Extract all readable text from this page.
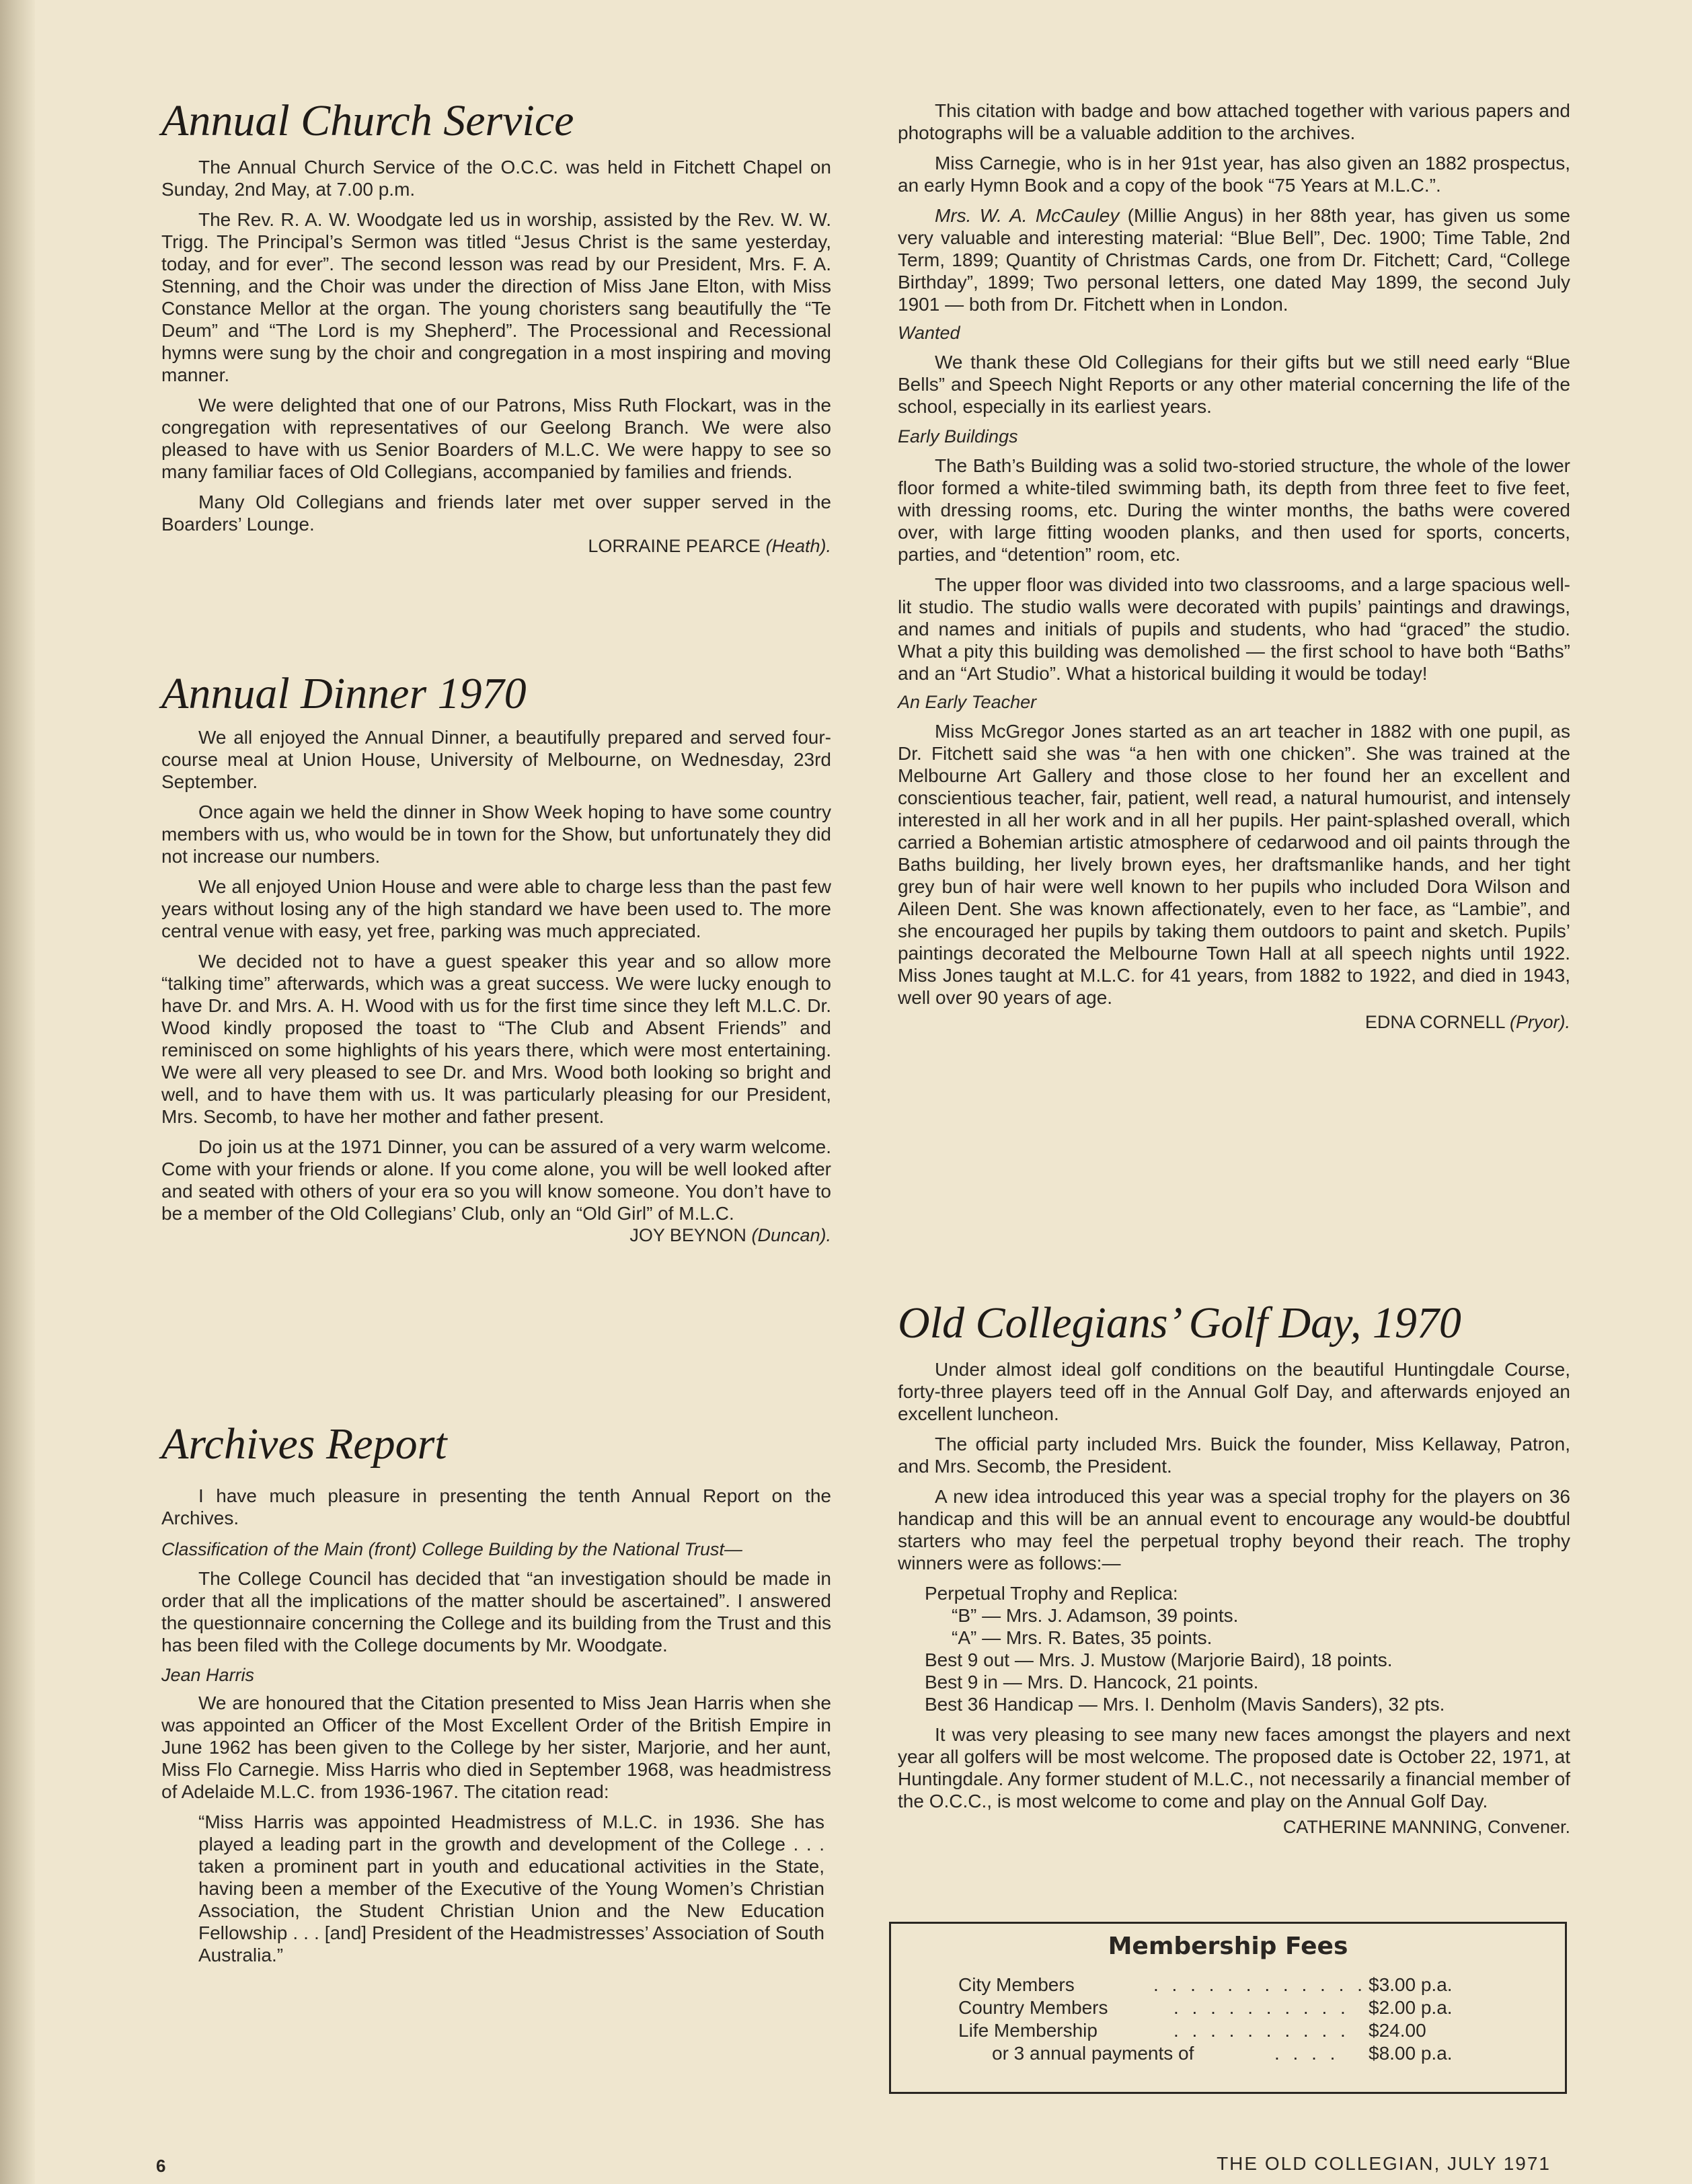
Annual Church Service

The Annual Church Service of the O.C.C. was held in Fitchett Chapel on Sunday, 2nd May, at 7.00 p.m.

The Rev. R. A. W. Woodgate led us in worship, assisted by the Rev. W. W. Trigg. The Principal’s Sermon was titled “Jesus Christ is the same yesterday, today, and for ever”. The second lesson was read by our President, Mrs. F. A. Stenning, and the Choir was under the direction of Miss Jane Elton, with Miss Constance Mellor at the organ. The young choristers sang beautifully the “Te Deum” and “The Lord is my Shepherd”. The Processional and Recessional hymns were sung by the choir and congregation in a most inspiring and moving manner.

We were delighted that one of our Patrons, Miss Ruth Flockart, was in the congregation with representatives of our Geelong Branch. We were also pleased to have with us Senior Boarders of M.L.C. We were happy to see so many familiar faces of Old Collegians, accompanied by families and friends.

Many Old Collegians and friends later met over supper served in the Boarders’ Lounge.

LORRAINE PEARCE (Heath).
Annual Dinner 1970

We all enjoyed the Annual Dinner, a beautifully prepared and served four-course meal at Union House, University of Melbourne, on Wednesday, 23rd September.

Once again we held the dinner in Show Week hoping to have some country members with us, who would be in town for the Show, but unfortunately they did not increase our numbers.

We all enjoyed Union House and were able to charge less than the past few years without losing any of the high standard we have been used to. The more central venue with easy, yet free, parking was much appreciated.

We decided not to have a guest speaker this year and so allow more “talking time” afterwards, which was a great success. We were lucky enough to have Dr. and Mrs. A. H. Wood with us for the first time since they left M.L.C. Dr. Wood kindly proposed the toast to “The Club and Absent Friends” and reminisced on some highlights of his years there, which were most entertaining. We were all very pleased to see Dr. and Mrs. Wood both looking so bright and well, and to have them with us. It was particularly pleasing for our President, Mrs. Secomb, to have her mother and father present.

Do join us at the 1971 Dinner, you can be assured of a very warm welcome. Come with your friends or alone. If you come alone, you will be well looked after and seated with others of your era so you will know someone. You don’t have to be a member of the Old Collegians’ Club, only an “Old Girl” of M.L.C.

JOY BEYNON (Duncan).
Archives Report

I have much pleasure in presenting the tenth Annual Report on the Archives.

Classification of the Main (front) College Building by the National Trust—

The College Council has decided that “an investigation should be made in order that all the implications of the matter should be ascertained”. I answered the questionnaire concerning the College and its building from the Trust and this has been filed with the College documents by Mr. Woodgate.

Jean Harris

We are honoured that the Citation presented to Miss Jean Harris when she was appointed an Officer of the Most Excellent Order of the British Empire in June 1962 has been given to the College by her sister, Marjorie, and her aunt, Miss Flo Carnegie. Miss Harris who died in September 1968, was headmistress of Adelaide M.L.C. from 1936-1967. The citation read:

“Miss Harris was appointed Headmistress of M.L.C. in 1936. She has played a leading part in the growth and development of the College . . . taken a prominent part in youth and educational activities in the State, having been a member of the Executive of the Young Women’s Christian Association, the Student Christian Union and the New Education Fellowship . . . [and] President of the Headmistresses’ Association of South Australia.”

This citation with badge and bow attached together with various papers and photographs will be a valuable addition to the archives.

Miss Carnegie, who is in her 91st year, has also given an 1882 prospectus, an early Hymn Book and a copy of the book “75 Years at M.L.C.”.

Mrs. W. A. McCauley (Millie Angus) in her 88th year, has given us some very valuable and interesting material: “Blue Bell”, Dec. 1900; Time Table, 2nd Term, 1899; Quantity of Christmas Cards, one from Dr. Fitchett; Card, “College Birthday”, 1899; Two personal letters, one dated May 1899, the second July 1901 — both from Dr. Fitchett when in London.

Wanted

We thank these Old Collegians for their gifts but we still need early “Blue Bells” and Speech Night Reports or any other material concerning the life of the school, especially in its earliest years.

Early Buildings

The Bath’s Building was a solid two-storied structure, the whole of the lower floor formed a white-tiled swimming bath, its depth from three feet to five feet, with dressing rooms, etc. During the winter months, the baths were covered over, with large fitting wooden planks, and then used for sports, concerts, parties, and “detention” room, etc.

The upper floor was divided into two classrooms, and a large spacious well-lit studio. The studio walls were decorated with pupils’ paintings and drawings, and names and initials of pupils and students, who had “graced” the studio. What a pity this building was demolished — the first school to have both “Baths” and an “Art Studio”. What a historical building it would be today!

An Early Teacher

Miss McGregor Jones started as an art teacher in 1882 with one pupil, as Dr. Fitchett said she was “a hen with one chicken”. She was trained at the Melbourne Art Gallery and those close to her found her an excellent and conscientious teacher, fair, patient, well read, a natural humourist, and intensely interested in all her work and in all her pupils. Her paint-splashed overall, which carried a Bohemian artistic atmosphere of cedarwood and oil paints through the Baths building, her lively brown eyes, her draftsmanlike hands, and her tight grey bun of hair were well known to her pupils who included Dora Wilson and Aileen Dent. She was known affectionately, even to her face, as “Lambie”, and she encouraged her pupils by taking them outdoors to paint and sketch. Pupils’ paintings decorated the Melbourne Town Hall at all speech nights until 1922. Miss Jones taught at M.L.C. for 41 years, from 1882 to 1922, and died in 1943, well over 90 years of age.

EDNA CORNELL (Pryor).
Old Collegians’ Golf Day, 1970

Under almost ideal golf conditions on the beautiful Huntingdale Course, forty-three players teed off in the Annual Golf Day, and afterwards enjoyed an excellent luncheon.

The official party included Mrs. Buick the founder, Miss Kellaway, Patron, and Mrs. Secomb, the President.

A new idea introduced this year was a special trophy for the players on 36 handicap and this will be an annual event to encourage any would-be doubtful starters who may feel the perpetual trophy beyond their reach. The trophy winners were as follows:—

Perpetual Trophy and Replica:
“B” — Mrs. J. Adamson, 39 points.
“A” — Mrs. R. Bates, 35 points.
Best 9 out — Mrs. J. Mustow (Marjorie Baird), 18 points.
Best 9 in — Mrs. D. Hancock, 21 points.
Best 36 Handicap — Mrs. I. Denholm (Mavis Sanders), 32 pts.

It was very pleasing to see many new faces amongst the players and next year all golfers will be most welcome. The proposed date is October 22, 1971, at Huntingdale. Any former student of M.L.C., not necessarily a financial member of the O.C.C., is most welcome to come and play on the Annual Golf Day.

CATHERINE MANNING, Convener.
Membership Fees
City Members	. . . . . . . . . . . . $3.00 p.a.
Country Members	. . . . . . . . . .	$2.00 p.a.
Life Membership	. . . . . . . . . .	$24.00
or 3 annual payments of	. . . .	$8.00 p.a.
6	THE OLD COLLEGIAN, JULY 1971
